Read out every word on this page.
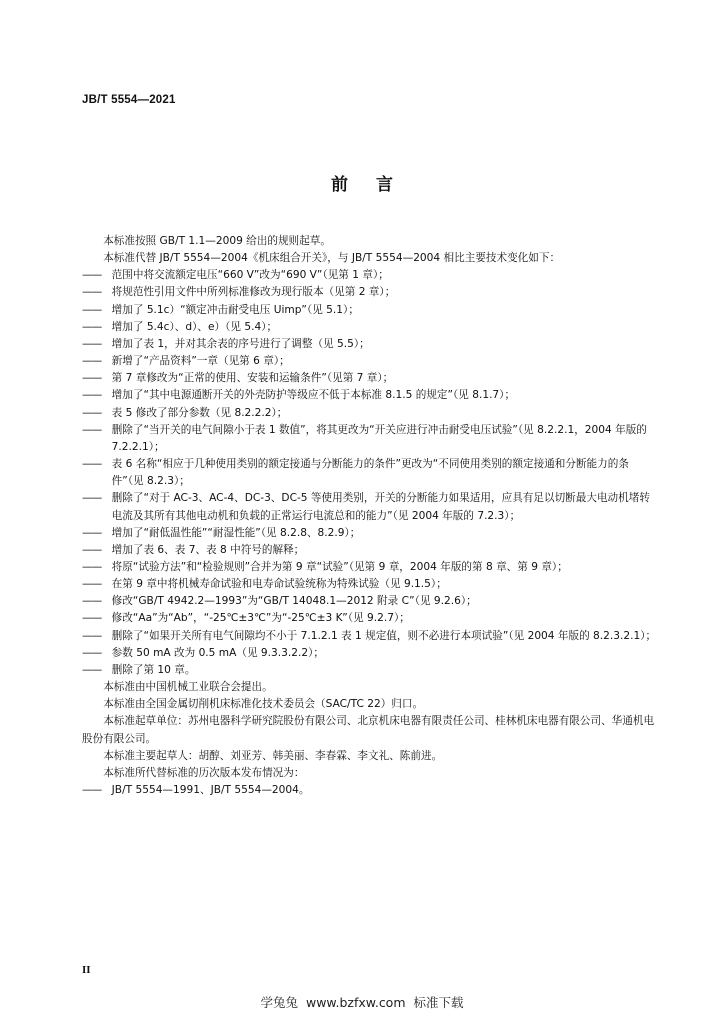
JB/T 5554—2021
前言

本标准按照 GB/T 1.1—2009 给出的规则起草。

本标准代替 JB/T 5554—2004《机床组合开关》，与 JB/T 5554—2004 相比主要技术变化如下：

—— 范围中将交流额定电压“660 V”改为“690 V”（见第 1 章）；

—— 将规范性引用文件中所列标准修改为现行版本（见第 2 章）；

—— 增加了 5.1c）“额定冲击耐受电压 Uimp”（见 5.1）；

—— 增加了 5.4c）、d）、e）（见 5.4）；

—— 增加了表 1，并对其余表的序号进行了调整（见 5.5）；

—— 新增了“产品资料”一章（见第 6 章）；

—— 第 7 章修改为“正常的使用、安装和运输条件”（见第 7 章）；

—— 增加了“其中电源通断开关的外壳防护等级应不低于本标准 8.1.5 的规定”（见 8.1.7）；

—— 表 5 修改了部分参数（见 8.2.2.2）；

—— 删除了“当开关的电气间隙小于表 1 数值”，将其更改为“开关应进行冲击耐受电压试验”（见 8.2.2.1，2004 年版的 7.2.2.1）；

—— 表 6 名称“相应于几种使用类别的额定接通与分断能力的条件”更改为“不同使用类别的额定接通和分断能力的条件”（见 8.2.3）；

—— 删除了“对于 AC-3、AC-4、DC-3、DC-5 等使用类别，开关的分断能力如果适用，应具有足以切断最大电动机堵转电流及其所有其他电动机和负载的正常运行电流总和的能力”（见 2004 年版的 7.2.3）；

—— 增加了“耐低温性能”“耐湿性能”（见 8.2.8、8.2.9）；

—— 增加了表 6、表 7、表 8 中符号的解释；

—— 将原“试验方法”和“检验规则”合并为第 9 章“试验”（见第 9 章，2004 年版的第 8 章、第 9 章）；

—— 在第 9 章中将机械寿命试验和电寿命试验统称为特殊试验（见 9.1.5）；

—— 修改“GB/T 4942.2—1993”为“GB/T 14048.1—2012 附录 C”（见 9.2.6）；

—— 修改“Aa”为“Ab”，“-25℃±3℃”为“-25℃±3 K”（见 9.2.7）；

—— 删除了“如果开关所有电气间隙均不小于 7.1.2.1 表 1 规定值，则不必进行本项试验”（见 2004 年版的 8.2.3.2.1）；

—— 参数 50 mA 改为 0.5 mA（见 9.3.3.2.2）；

—— 删除了第 10 章。

本标准由中国机械工业联合会提出。

本标准由全国金属切削机床标准化技术委员会（SAC/TC 22）归口。

本标准起草单位：苏州电器科学研究院股份有限公司、北京机床电器有限责任公司、桂林机床电器有限公司、华通机电股份有限公司。

本标准主要起草人：胡醇、刘亚芳、韩美丽、李春霖、李文礼、陈前进。

本标准所代替标准的历次版本发布情况为：

—— JB/T 5554—1991、JB/T 5554—2004。

II
学兔兔 www.bzfxw.com 标准下载
